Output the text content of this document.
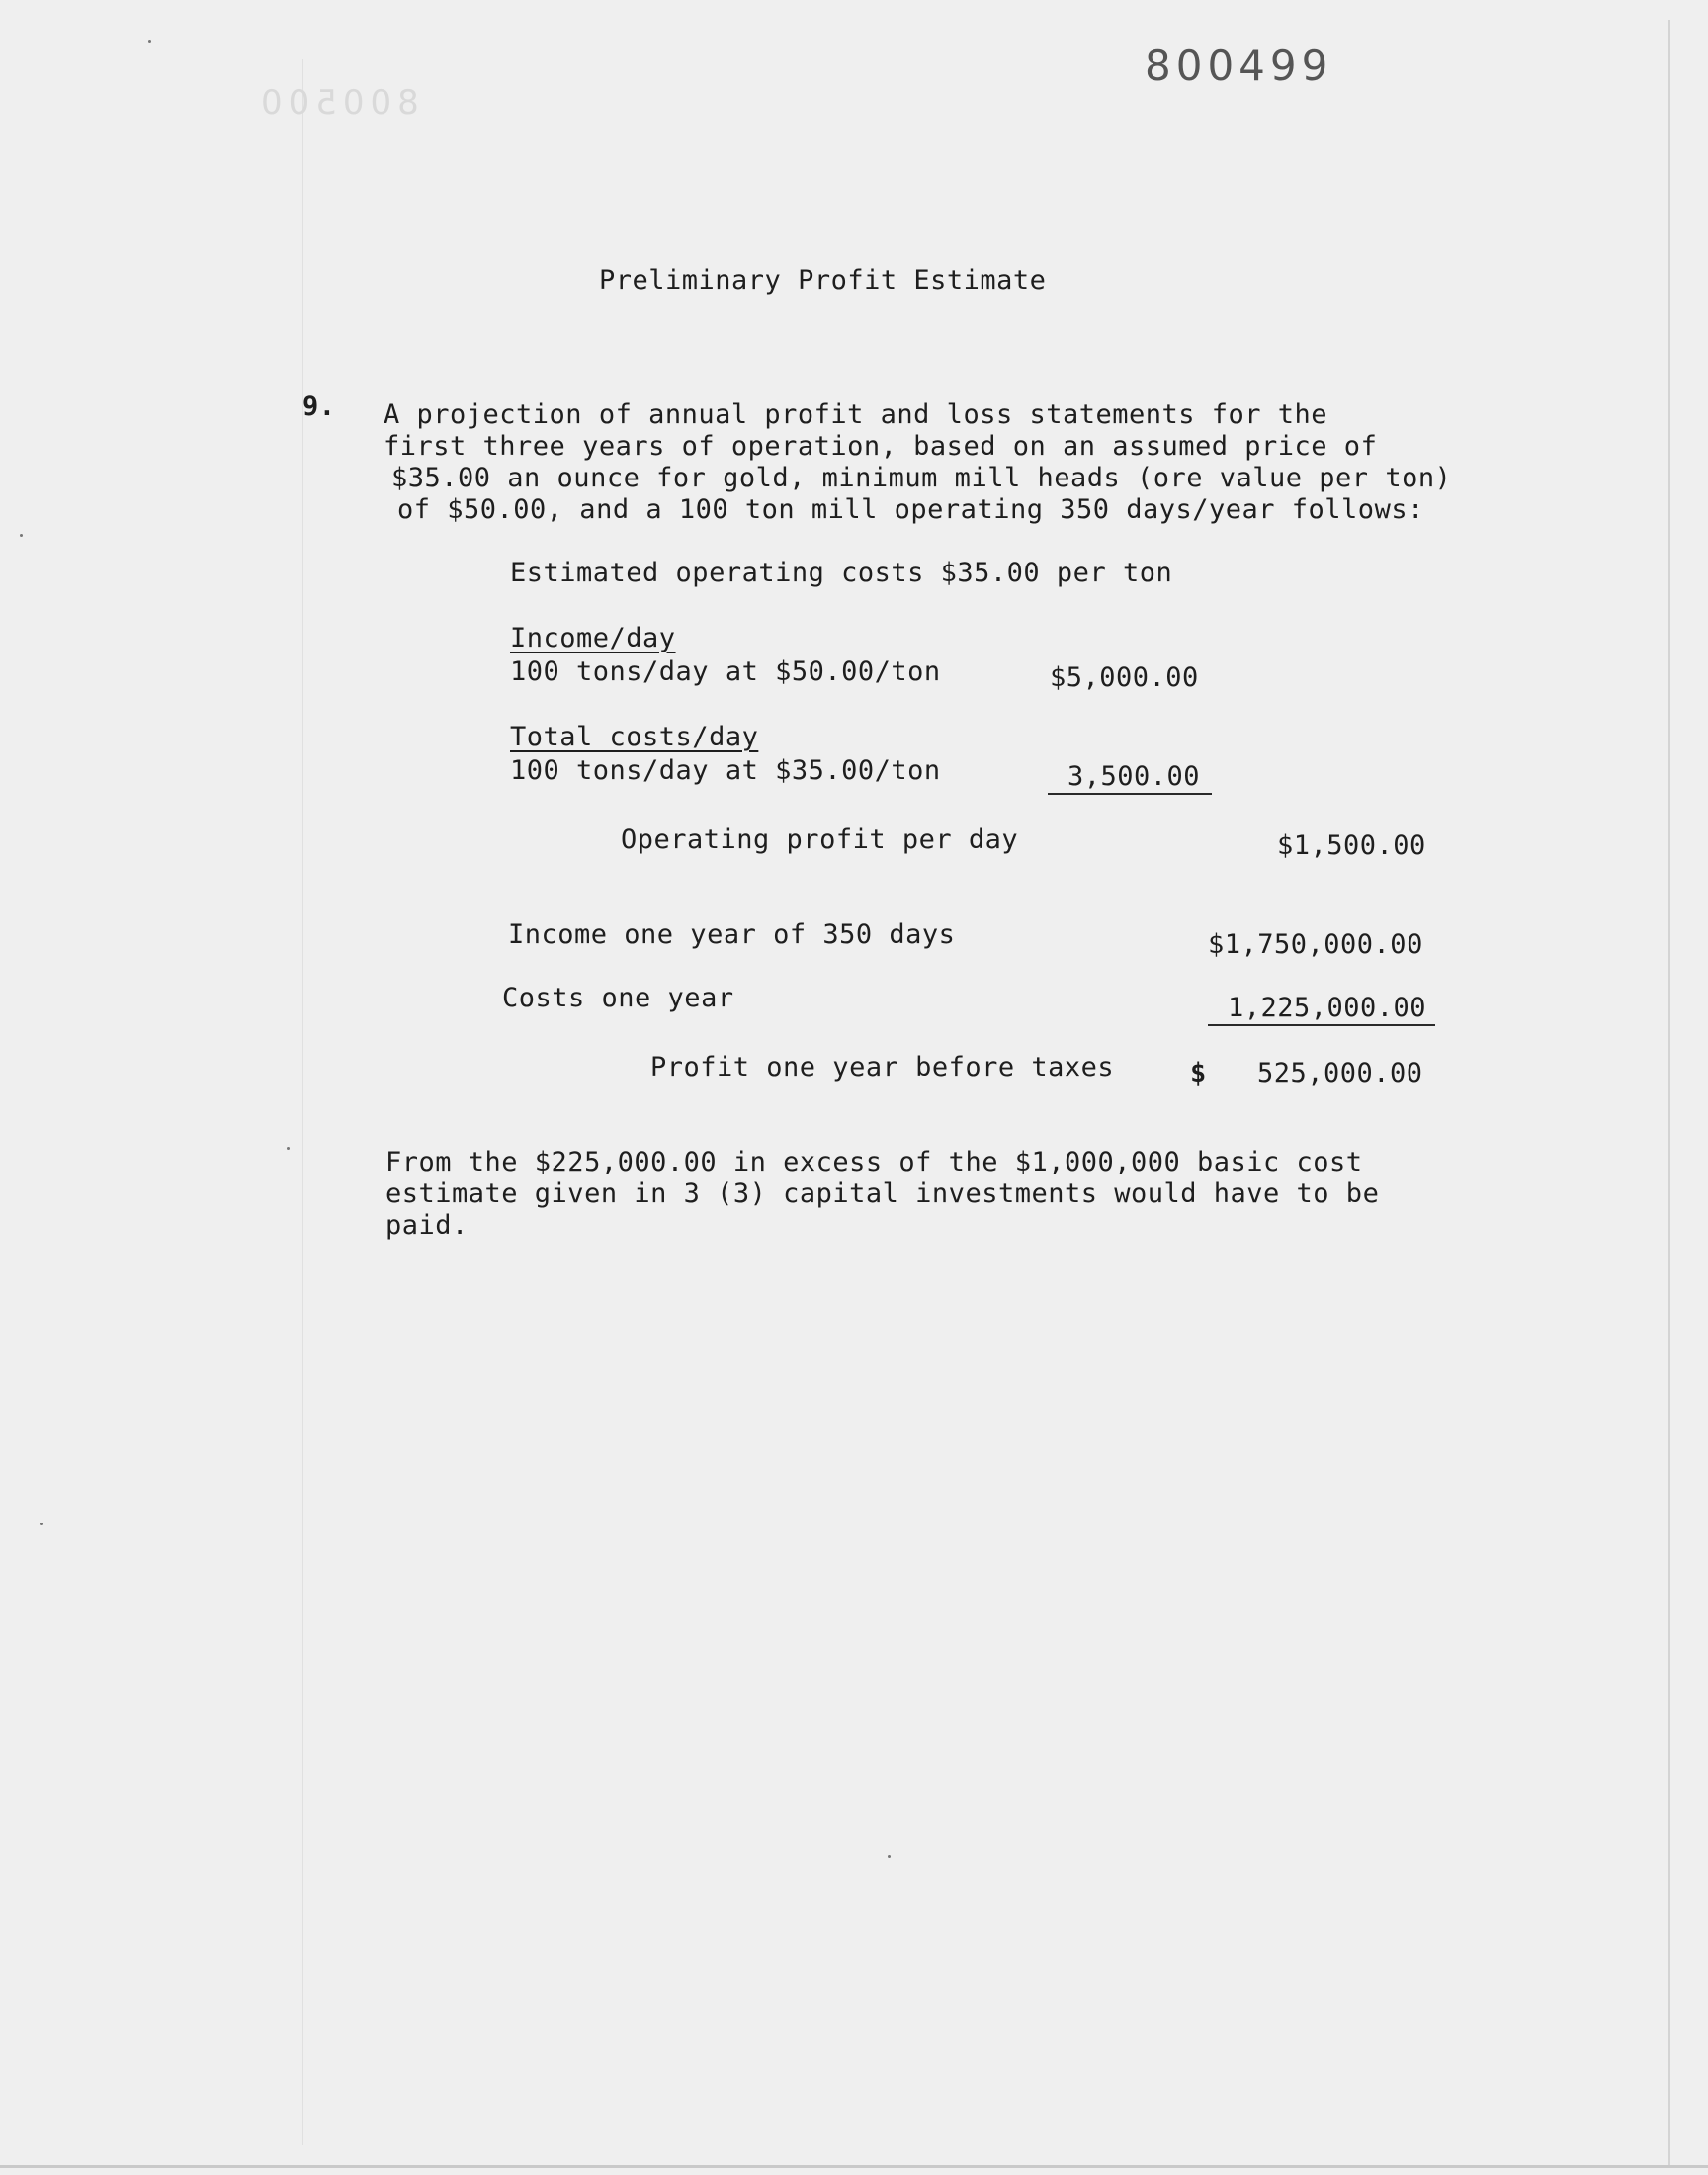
800500
800499
Preliminary Profit Estimate
9. A projection of annual profit and loss statements for the
first three years of operation, based on an assumed price of
$35.00 an ounce for gold, minimum mill heads (ore value per ton)
of $50.00, and a 100 ton mill operating 350 days/year follows:
Estimated operating costs $35.00 per ton
Income/day
100 tons/day at $50.00/ton	$5,000.00
Total costs/day
100 tons/day at $35.00/ton	3,500.00
Operating profit per day	$1,500.00
Income one year of 350 days	$1,750,000.00
Costs one year	1,225,000.00
Profit one year before taxes	$ 525,000.00
From the $225,000.00 in excess of the $1,000,000 basic cost
estimate given in 3 (3) capital investments would have to be
paid.
